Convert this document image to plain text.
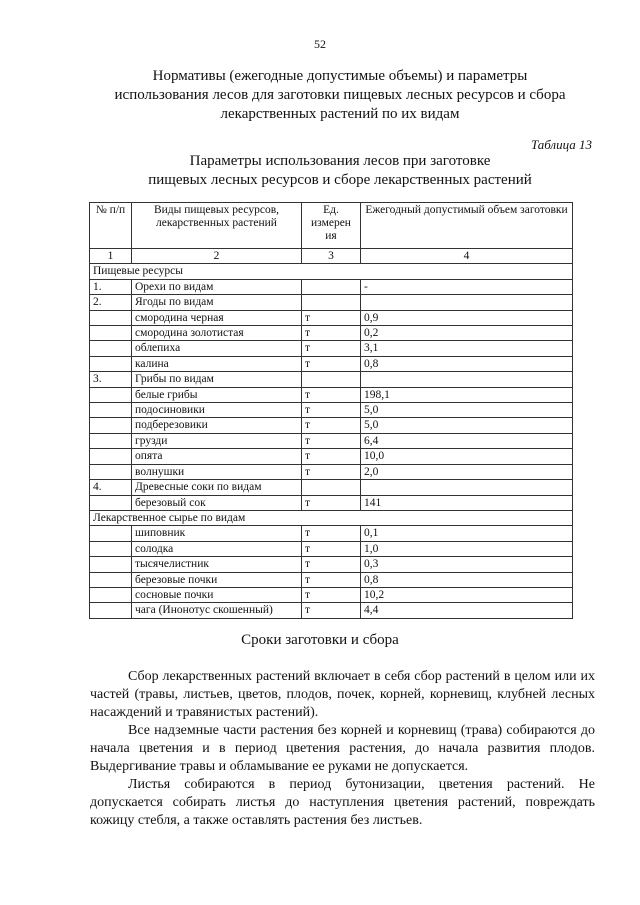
52
Нормативы (ежегодные допустимые объемы) и параметры
использования лесов для заготовки пищевых лесных ресурсов и сбора
лекарственных растений по их видам
Таблица 13
Параметры использования лесов при заготовке
пищевых лесных ресурсов и сборе лекарственных растений
№ п/п	Виды пищевых ресурсов, лекарственных растений	Ед. измерен ия	Ежегодный допустимый объем заготовки
1	2	3	4
Пищевые ресурсы			
1.	Орехи по видам		-
2.	Ягоды по видам		
	смородина черная	т	0,9
	смородина золотистая	т	0,2
	облепиха	т	3,1
	калина	т	0,8
3.	Грибы по видам		
	белые грибы	т	198,1
	подосиновики	т	5,0
	подберезовики	т	5,0
	грузди	т	6,4
	опята	т	10,0
	волнушки	т	2,0
4.	Древесные соки по видам		
	березовый сок	т	141
Лекарственное сырье по видам			
	шиповник	т	0,1
	солодка	т	1,0
	тысячелистник	т	0,3
	березовые почки	т	0,8
	сосновые почки	т	10,2
	чага (Инонотус скошенный)	т	4,4
Сроки заготовки и сбора

Сбор лекарственных растений включает в себя сбор растений в целом или их частей (травы, листьев, цветов, плодов, почек, корней, корневищ, клубней лесных насаждений и травянистых растений).

Все надземные части растения без корней и корневищ (трава) собираются до начала цветения и в период цветения растения, до начала развития плодов. Выдергивание травы и обламывание ее руками не допускается.

Листья собираются в период бутонизации, цветения растений. Не допускается собирать листья до наступления цветения растений, повреждать кожицу стебля, а также оставлять растения без листьев.
